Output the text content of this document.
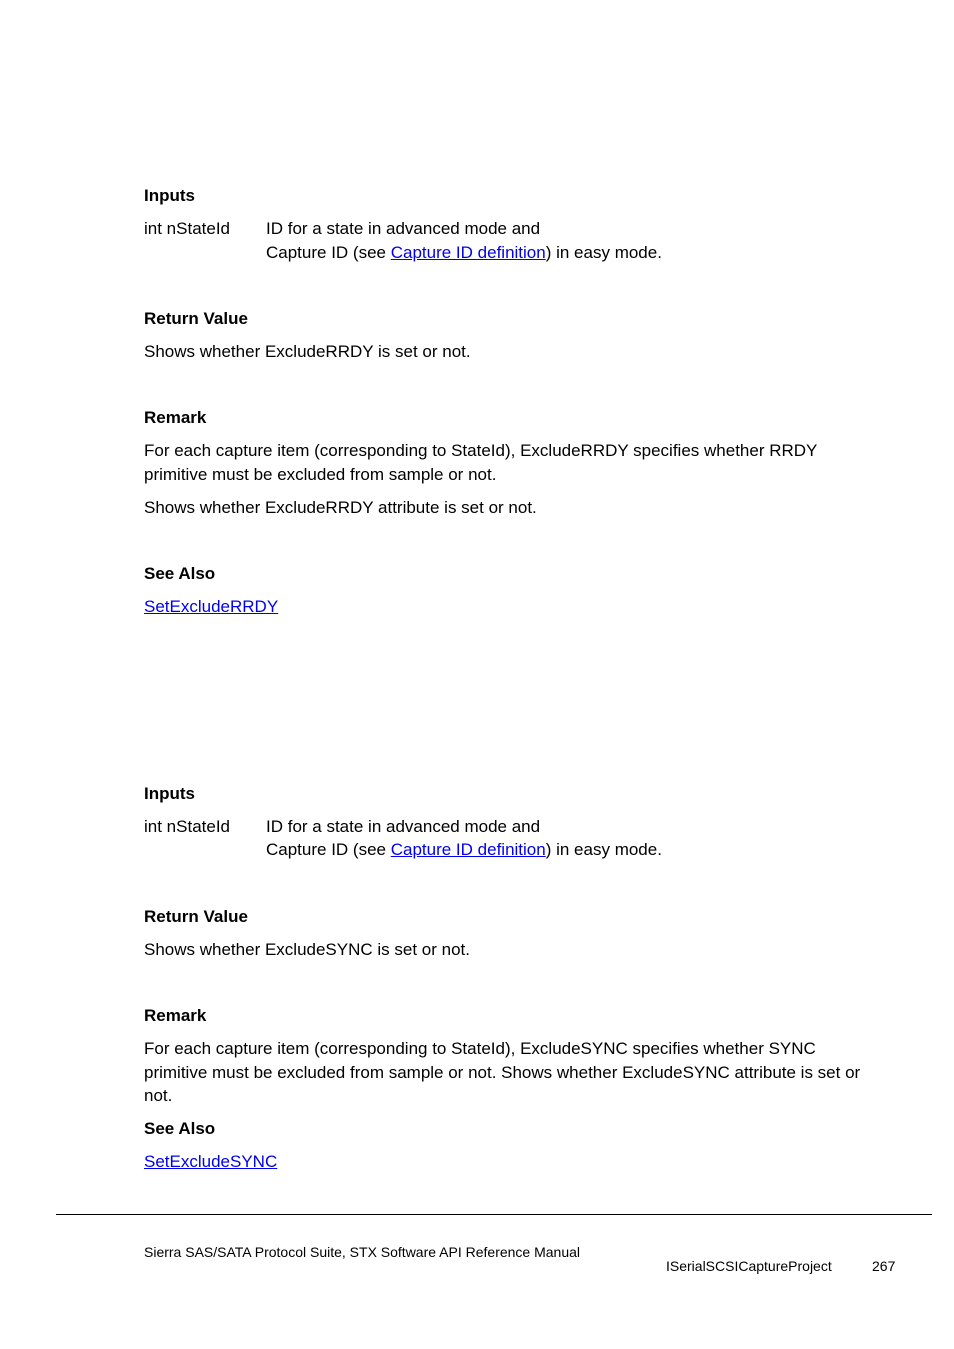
Inputs
int nStateId ID for a state in advanced mode and
Capture ID (see Capture ID definition) in easy mode.
Return Value
Shows whether ExcludeRRDY is set or not.
Remark
For each capture item (corresponding to StateId), ExcludeRRDY specifies whether RRDY
primitive must be excluded from sample or not.
Shows whether ExcludeRRDY attribute is set or not.
See Also
SetExcludeRRDY
Inputs
int nStateId ID for a state in advanced mode and
Capture ID (see Capture ID definition) in easy mode.
Return Value
Shows whether ExcludeSYNC is set or not.
Remark
For each capture item (corresponding to StateId), ExcludeSYNC specifies whether SYNC
primitive must be excluded from sample or not. Shows whether ExcludeSYNC attribute is set or
not.
See Also
SetExcludeSYNC
Sierra SAS/SATA Protocol Suite, STX Software API Reference Manual
ISerialSCSICaptureProject	267
